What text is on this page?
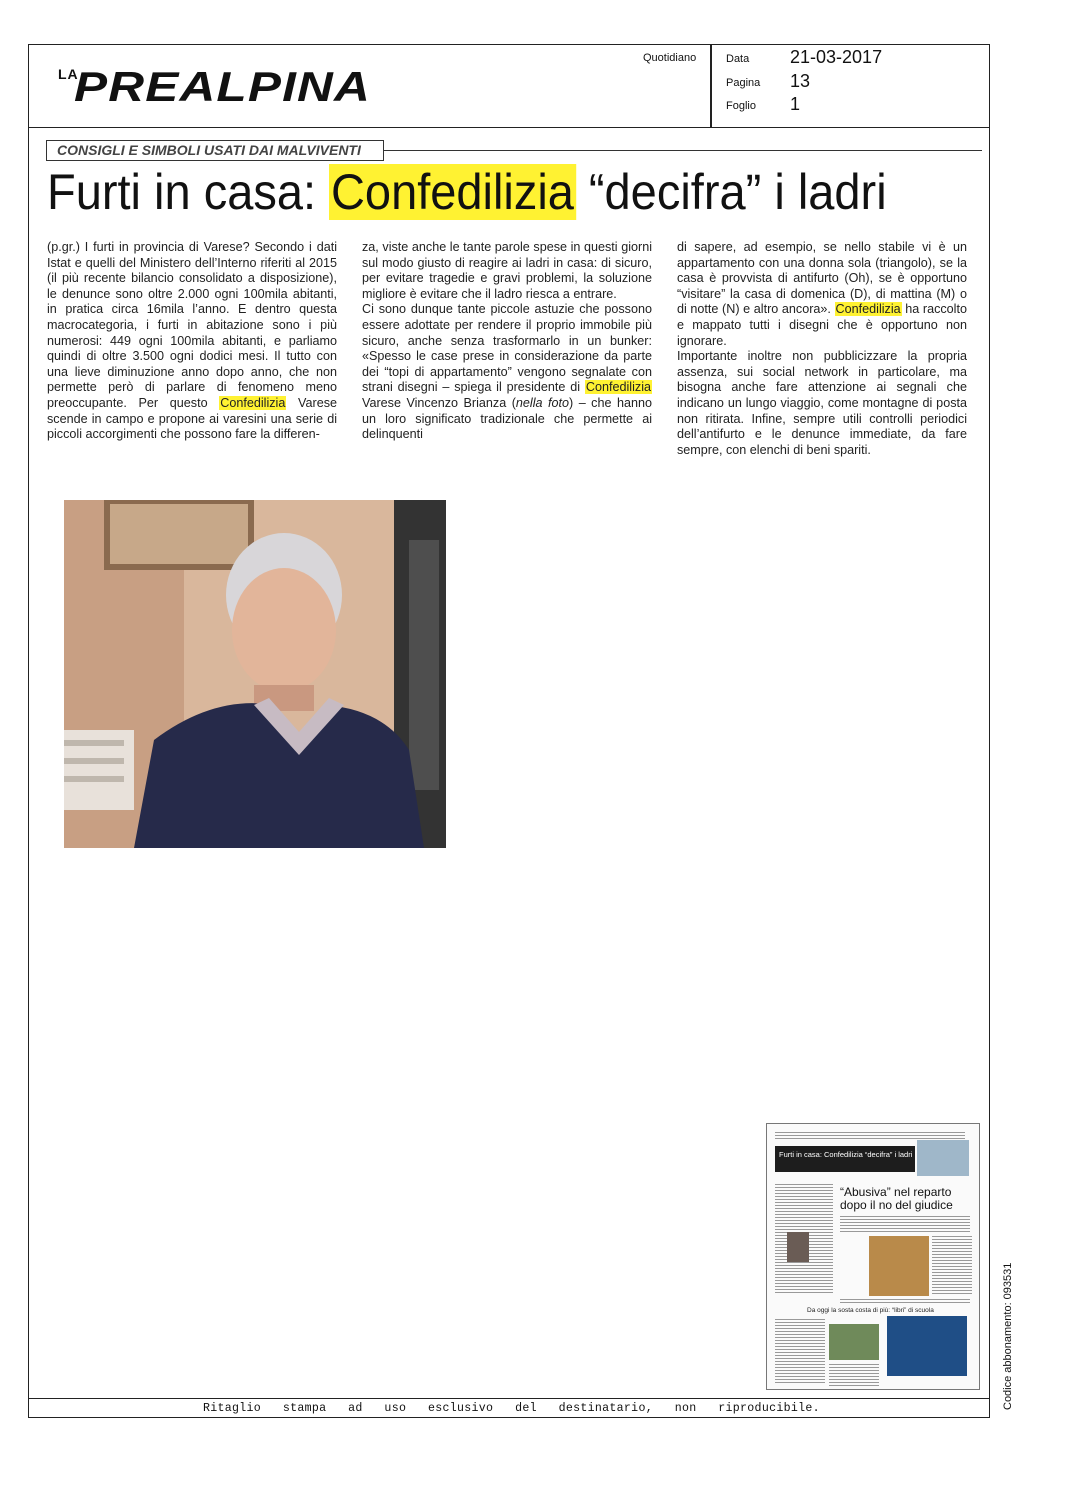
LA
PREALPINA
Quotidiano	Data 21-03-2017
Pagina 13
Foglio 1
CONSIGLI E SIMBOLI USATI DAI MALVIVENTI
Furti in casa: Confedilizia “decifra” i ladri

(p.gr.) I furti in provincia di Varese? Secondo i dati Istat e quelli del Ministero dell’Interno riferiti al 2015 (il più recente bilancio consolidato a disposizione), le denunce sono oltre 2.000 ogni 100mila abitanti, in pratica circa 16mila l’anno. E dentro questa macrocategoria, i furti in abitazione sono i più numerosi: 449 ogni 100mila abitanti, e parliamo quindi di oltre 3.500 ogni dodici mesi. Il tutto con una lieve diminuzione anno dopo anno, che non permette però di parlare di fenomeno meno preoccupante. Per questo Confedilizia Varese scende in campo e propone ai varesini una serie di piccoli accorgimenti che possono fare la differen-

za, viste anche le tante parole spese in questi giorni sul modo giusto di reagire ai ladri in casa: di sicuro, per evitare tragedie e gravi problemi, la soluzione migliore è evitare che il ladro riesca a entrare.

Ci sono dunque tante piccole astuzie che possono essere adottate per rendere il proprio immobile più sicuro, anche senza trasformarlo in un bunker: «Spesso le case prese in considerazione da parte dei “topi di appartamento” vengono segnalate con strani disegni – spiega il presidente di Confedilizia Varese Vincenzo Brianza (nella foto) – che hanno un loro significato tradizionale che permette ai delinquenti

di sapere, ad esempio, se nello stabile vi è un appartamento con una donna sola (triangolo), se la casa è provvista di antifurto (Oh), se è opportuno “visitare” la casa di domenica (D), di mattina (M) o di notte (N) e altro ancora». Confedilizia ha raccolto e mappato tutti i disegni che è opportuno non ignorare.

Importante inoltre non pubblicizzare la propria assenza, sui social network in particolare, ma bisogna anche fare attenzione ai segnali che indicano un lungo viaggio, come montagne di posta non ritirata. Infine, sempre utili controlli periodici dell’antifurto e le denunce immediate, da fare sempre, con elenchi di beni spariti.

Furti in casa: Confedilizia “decifra” i ladri
“Abusiva” nel reparto
dopo il no del giudice
Da oggi la sosta costa di più: “libri” di scuola
Ritaglio   stampa   ad   uso   esclusivo   del   destinatario,   non   riproducibile.	Codice abbonamento: 093531
